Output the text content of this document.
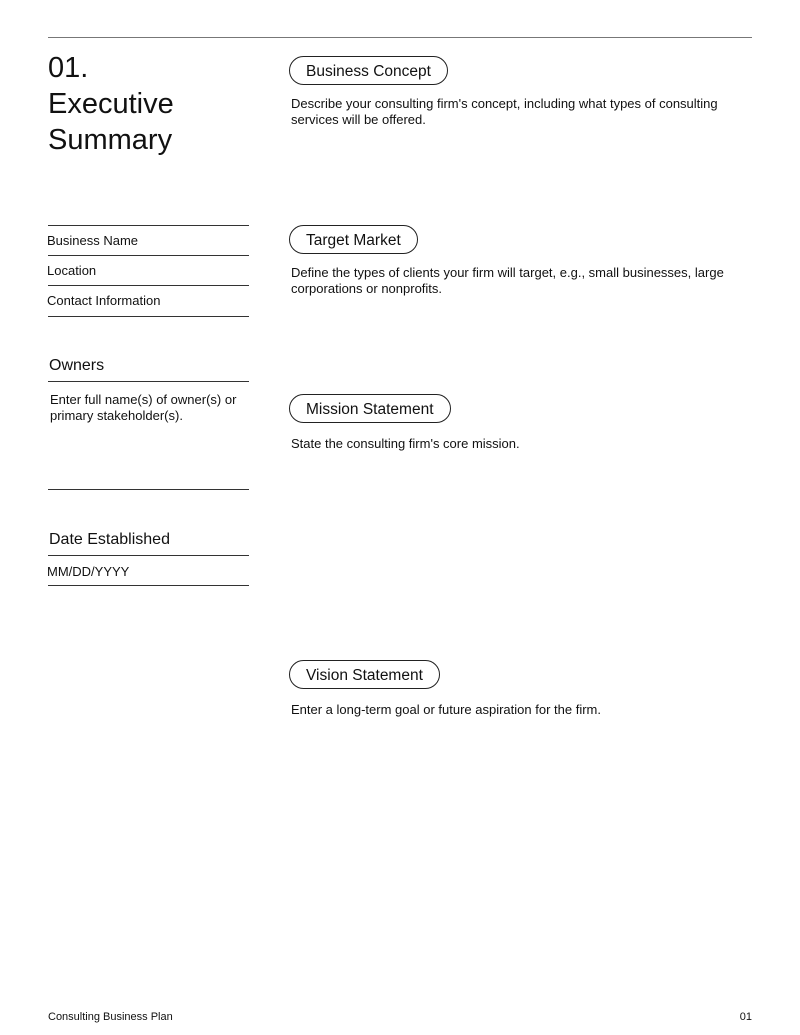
01.
Executive
Summary
Business Name
Location
Contact Information
Owners
Enter full name(s) of owner(s) or primary stakeholder(s).
Date Established
MM/DD/YYYY
Business Concept
Describe your consulting firm's concept, including what types of consulting services will be offered.
Target Market
Define the types of clients your firm will target, e.g., small businesses, large corporations or nonprofits.
Mission Statement
State the consulting firm's core mission.
Vision Statement
Enter a long-term goal or future aspiration for the firm.
Consulting Business Plan	01
